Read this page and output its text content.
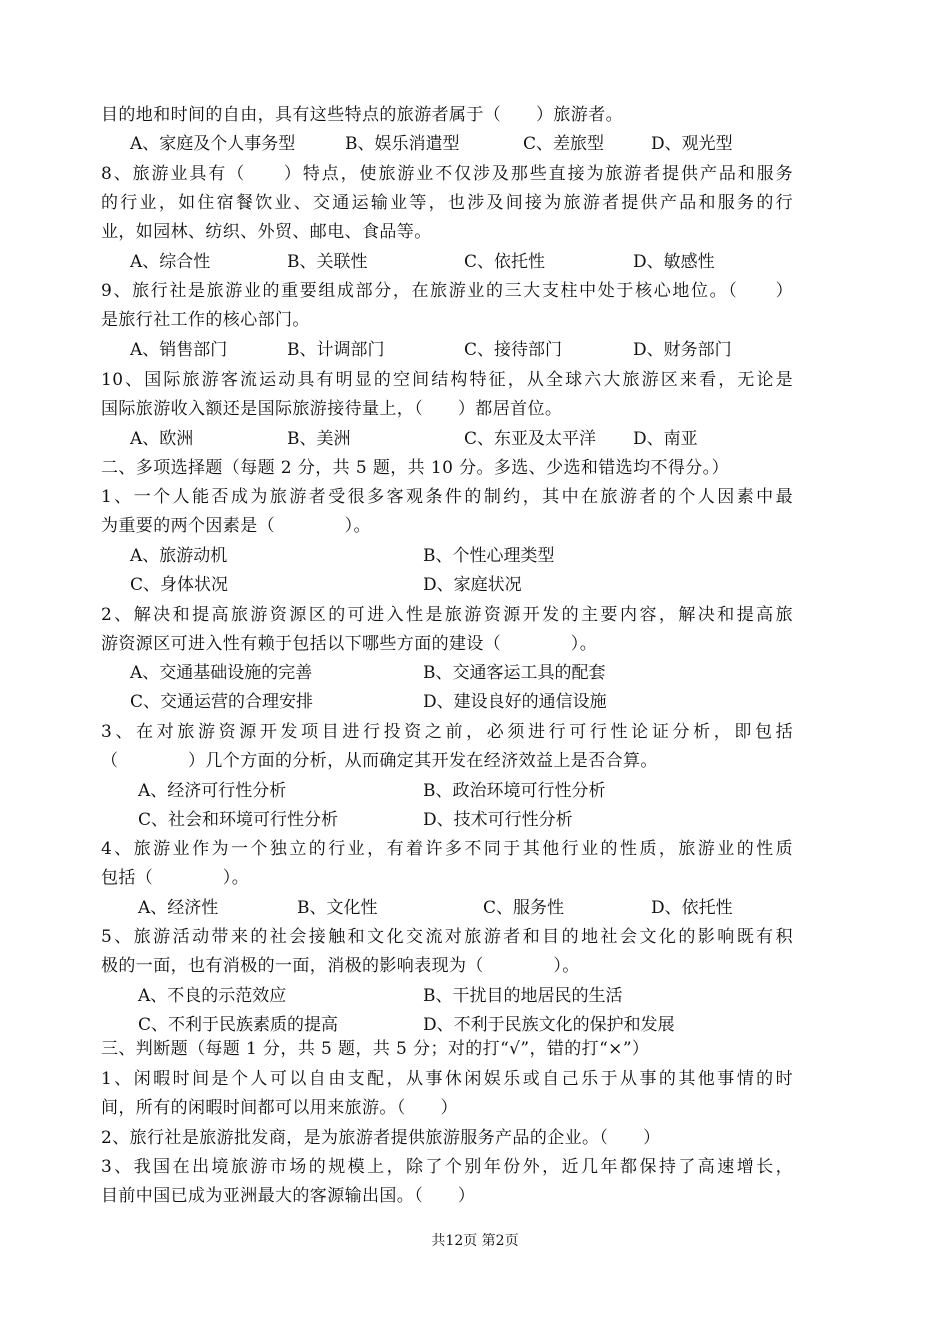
目的地和时间的自由，具有这些特点的旅游者属于（　　）旅游者。
A、家庭及个人事务型	B、娱乐消遣型	C、差旅型	D、观光型
8、旅游业具有（　　）特点，使旅游业不仅涉及那些直接为旅游者提供产品和服务
的行业，如住宿餐饮业、交通运输业等，也涉及间接为旅游者提供产品和服务的行
业，如园林、纺织、外贸、邮电、食品等。
A、综合性	B、关联性	C、依托性	D、敏感性
9、旅行社是旅游业的重要组成部分，在旅游业的三大支柱中处于核心地位。（　　）
是旅行社工作的核心部门。
A、销售部门	B、计调部门	C、接待部门	D、财务部门
10、国际旅游客流运动具有明显的空间结构特征，从全球六大旅游区来看，无论是
国际旅游收入额还是国际旅游接待量上，（　　）都居首位。
A、欧洲	B、美洲	C、东亚及太平洋 D、南亚
二、多项选择题（每题 2 分，共 5 题，共 10 分。多选、少选和错选均不得分。）
1、一个人能否成为旅游者受很多客观条件的制约，其中在旅游者的个人因素中最
为重要的两个因素是（　　　　）。
A、旅游动机	B、个性心理类型
C、身体状况	D、家庭状况
2、解决和提高旅游资源区的可进入性是旅游资源开发的主要内容，解决和提高旅
游资源区可进入性有赖于包括以下哪些方面的建设（　　　　）。
A、交通基础设施的完善	B、交通客运工具的配套
C、交通运营的合理安排	D、建设良好的通信设施
3、在对旅游资源开发项目进行投资之前，必须进行可行性论证分析，即包括
（　　　　）几个方面的分析，从而确定其开发在经济效益上是否合算。
A、经济可行性分析	B、政治环境可行性分析
C、社会和环境可行性分析	D、技术可行性分析
4、旅游业作为一个独立的行业，有着许多不同于其他行业的性质，旅游业的性质
包括（　　　　）。
A、经济性	B、文化性	C、服务性	D、依托性
5、旅游活动带来的社会接触和文化交流对旅游者和目的地社会文化的影响既有积
极的一面，也有消极的一面，消极的影响表现为（　　　　）。
A、不良的示范效应	B、干扰目的地居民的生活
C、不利于民族素质的提高	D、不利于民族文化的保护和发展
三、判断题（每题 1 分，共 5 题，共 5 分；对的打“√”，错的打“×”）
1、闲暇时间是个人可以自由支配，从事休闲娱乐或自己乐于从事的其他事情的时
间，所有的闲暇时间都可以用来旅游。（　　）
2、旅行社是旅游批发商，是为旅游者提供旅游服务产品的企业。（　　）
3、我国在出境旅游市场的规模上，除了个别年份外，近几年都保持了高速增长，
目前中国已成为亚洲最大的客源输出国。（　　）
共12页 第2页
